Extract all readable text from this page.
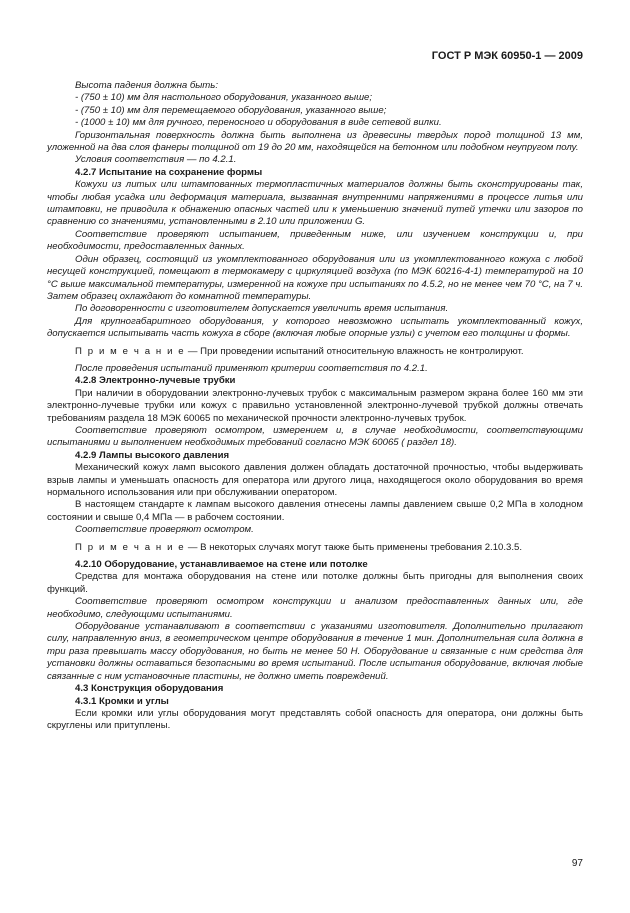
ГОСТ Р МЭК 60950-1 — 2009

Высота падения должна быть:

- (750 ± 10) мм для настольного оборудования, указанного выше;

- (750 ± 10) мм для перемещаемого оборудования, указанного выше;

- (1000 ± 10) мм для ручного, переносного и оборудования в виде сетевой вилки.

Горизонтальная поверхность должна быть выполнена из древесины твердых пород толщиной 13 мм, уложенной на два слоя фанеры толщиной от 19 до 20 мм, находящейся на бетонном или подобном неупругом полу.

Условия соответствия — по 4.2.1.

4.2.7 Испытание на сохранение формы

Кожухи из литых или штампованных термопластичных материалов должны быть сконструированы так, чтобы любая усадка или деформация материала, вызванная внутренними напряжениями в процессе литья или штамповки, не приводила к обнажению опасных частей или к уменьшению значений путей утечки или зазоров по сравнению со значениями, установленными в 2.10 или приложении G.

Соответствие проверяют испытанием, приведенным ниже, или изучением конструкции и, при необходимости, предоставленных данных.

Один образец, состоящий из укомплектованного оборудования или из укомплектованного кожуха с любой несущей конструкцией, помещают в термокамеру с циркуляцией воздуха (по МЭК 60216-4-1) температурой на 10 °С выше максимальной температуры, измеренной на кожухе при испытаниях по 4.5.2, но не менее чем 70 °С, на 7 ч. Затем образец охлаждают до комнатной температуры.

По договоренности с изготовителем допускается увеличить время испытания.

Для крупногабаритного оборудования, у которого невозможно испытать укомплектованный кожух, допускается испытывать часть кожуха в сборе (включая любые опорные узлы) с учетом его толщины и формы.

П р и м е ч а н и е — При проведении испытаний относительную влажность не контролируют.

После проведения испытаний применяют критерии соответствия по 4.2.1.

4.2.8 Электронно-лучевые трубки

При наличии в оборудовании электронно-лучевых трубок с максимальным размером экрана более 160 мм эти электронно-лучевые трубки или кожух с правильно установленной электронно-лучевой трубкой должны отвечать требованиям раздела 18 МЭК 60065 по механической прочности электронно-лучевых трубок.

Соответствие проверяют осмотром, измерением и, в случае необходимости, соответствующими испытаниями и выполнением необходимых требований согласно МЭК 60065 ( раздел 18).

4.2.9 Лампы высокого давления

Механический кожух ламп высокого давления должен обладать достаточной прочностью, чтобы выдерживать взрыв лампы и уменьшать опасность для оператора или другого лица, находящегося около оборудования во время нормального использования или при обслуживании оператором.

В настоящем стандарте к лампам высокого давления отнесены лампы давлением свыше 0,2 МПа в холодном состоянии и свыше 0,4 МПа — в рабочем состоянии.

Соответствие проверяют осмотром.

П р и м е ч а н и е — В некоторых случаях могут также быть применены требования 2.10.3.5.

4.2.10 Оборудование, устанавливаемое на стене или потолке

Средства для монтажа оборудования на стене или потолке должны быть пригодны для выполнения своих функций.

Соответствие проверяют осмотром конструкции и анализом предоставленных данных или, где необходимо, следующими испытаниями.

Оборудование устанавливают в соответствии с указаниями изготовителя. Дополнительно прилагают силу, направленную вниз, в геометрическом центре оборудования в течение 1 мин. Дополнительная сила должна в три раза превышать массу оборудования, но быть не менее 50 Н. Оборудование и связанные с ним средства для установки должны оставаться безопасными во время испытаний. После испытания оборудование, включая любые связанные с ним установочные пластины, не должно иметь повреждений.

4.3 Конструкция оборудования

4.3.1 Кромки и углы

Если кромки или углы оборудования могут представлять собой опасность для оператора, они должны быть скруглены или притуплены.

97
